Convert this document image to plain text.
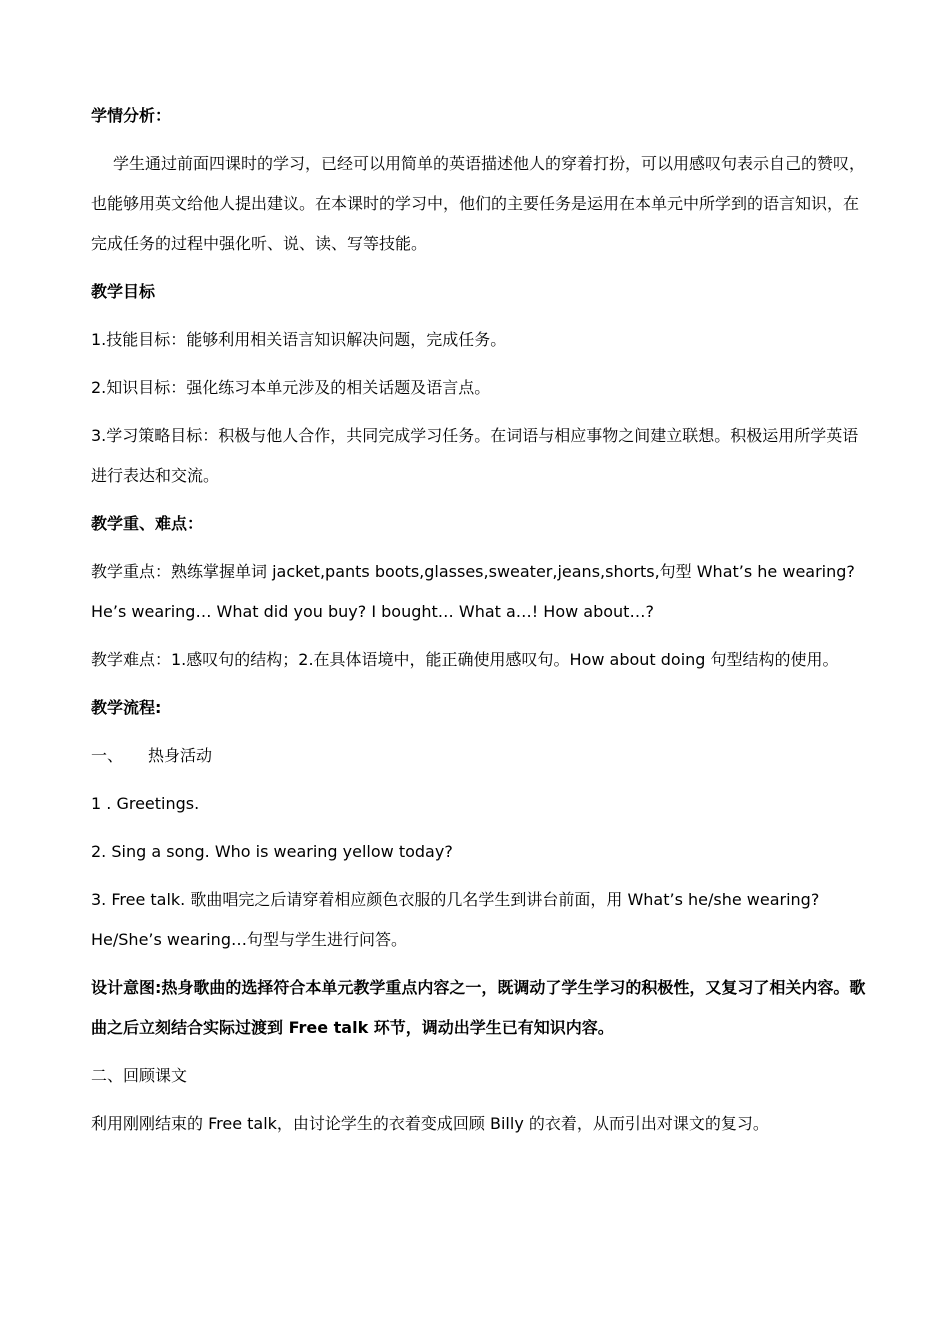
学情分析：

学生通过前面四课时的学习，已经可以用简单的英语描述他人的穿着打扮，可以用感叹句表示自己的赞叹，也能够用英文给他人提出建议。在本课时的学习中，他们的主要任务是运用在本单元中所学到的语言知识，在完成任务的过程中强化听、说、读、写等技能。

教学目标

1.技能目标：能够利用相关语言知识解决问题，完成任务。

2.知识目标：强化练习本单元涉及的相关话题及语言点。

3.学习策略目标：积极与他人合作，共同完成学习任务。在词语与相应事物之间建立联想。积极运用所学英语进行表达和交流。

教学重、难点：

教学重点：熟练掌握单词 jacket,pants boots,glasses,sweater,jeans,shorts,句型 What’s he wearing? He’s wearing… What did you buy? I bought… What a…! How about…?

教学难点：1.感叹句的结构；2.在具体语境中，能正确使用感叹句。How about doing 句型结构的使用。

教学流程:

一、 热身活动

1 . Greetings.

2. Sing a song. Who is wearing yellow today?

3. Free talk. 歌曲唱完之后请穿着相应颜色衣服的几名学生到讲台前面，用 What’s he/she wearing? He/She’s wearing…句型与学生进行问答。

设计意图:热身歌曲的选择符合本单元教学重点内容之一，既调动了学生学习的积极性，又复习了相关内容。歌曲之后立刻结合实际过渡到 Free talk 环节，调动出学生已有知识内容。

二、回顾课文

利用刚刚结束的 Free talk，由讨论学生的衣着变成回顾 Billy 的衣着，从而引出对课文的复习。
